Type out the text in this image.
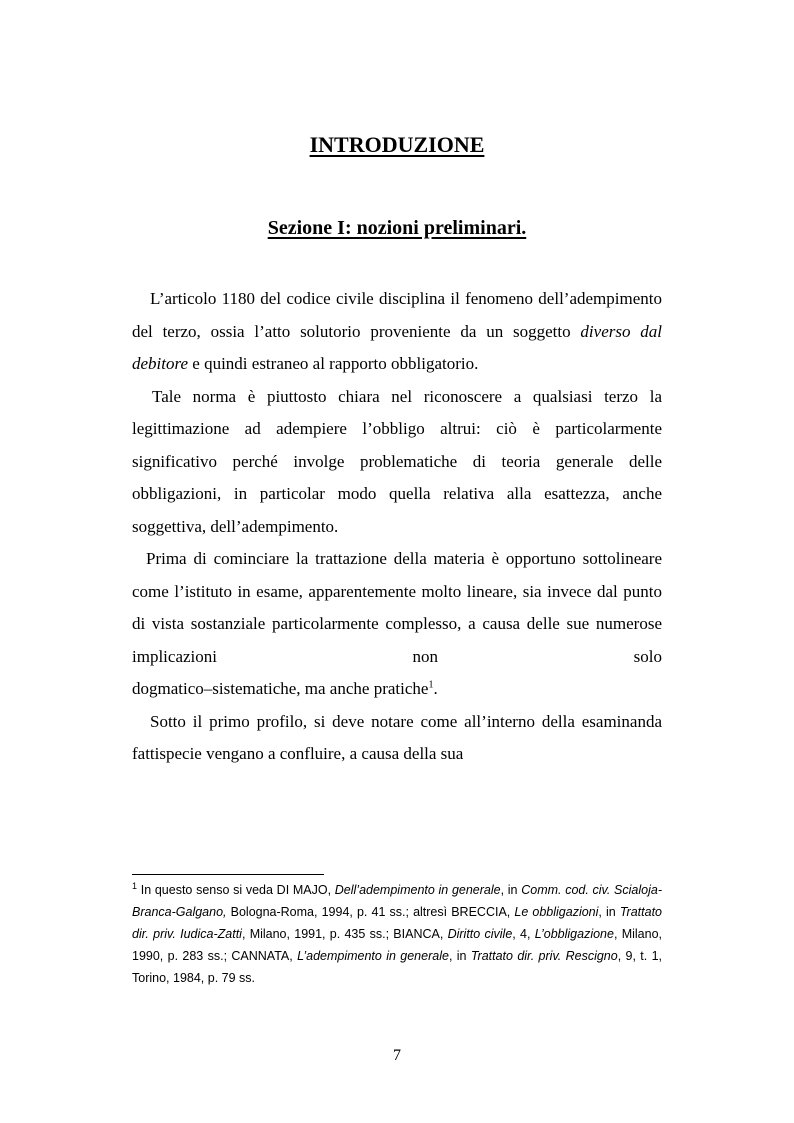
INTRODUZIONE
Sezione I: nozioni preliminari.

L’articolo 1180 del codice civile disciplina il fenomeno dell’adempimento del terzo, ossia l’atto solutorio proveniente da un soggetto diverso dal debitore e quindi estraneo al rapporto obbligatorio.

Tale norma è piuttosto chiara nel riconoscere a qualsiasi terzo la legittimazione ad adempiere l’obbligo altrui: ciò è particolarmente significativo perché involge problematiche di teoria generale delle obbligazioni, in particolar modo quella relativa alla esattezza, anche soggettiva, dell’adempimento.

Prima di cominciare la trattazione della materia è opportuno sottolineare come l’istituto in esame, apparentemente molto lineare, sia invece dal punto di vista sostanziale particolarmente complesso, a causa delle sue numerose implicazioni non solo
dogmatico–sistematiche, ma anche pratiche$^1$.

Sotto il primo profilo, si deve notare come all’interno della esaminanda fattispecie vengano a confluire, a causa della sua

$^1$ In questo senso si veda DI MAJO, Dell’adempimento in generale, in Comm. cod. civ. Scialoja-Branca-Galgano, Bologna-Roma, 1994, p. 41 ss.; altresì BRECCIA, Le obbligazioni, in Trattato dir. priv. Iudica-Zatti, Milano, 1991, p. 435 ss.; BIANCA, Diritto civile, 4, L’obbligazione, Milano, 1990, p. 283 ss.; CANNATA, L’adempimento in generale, in Trattato dir. priv. Rescigno, 9, t. 1, Torino, 1984, p. 79 ss.
7
